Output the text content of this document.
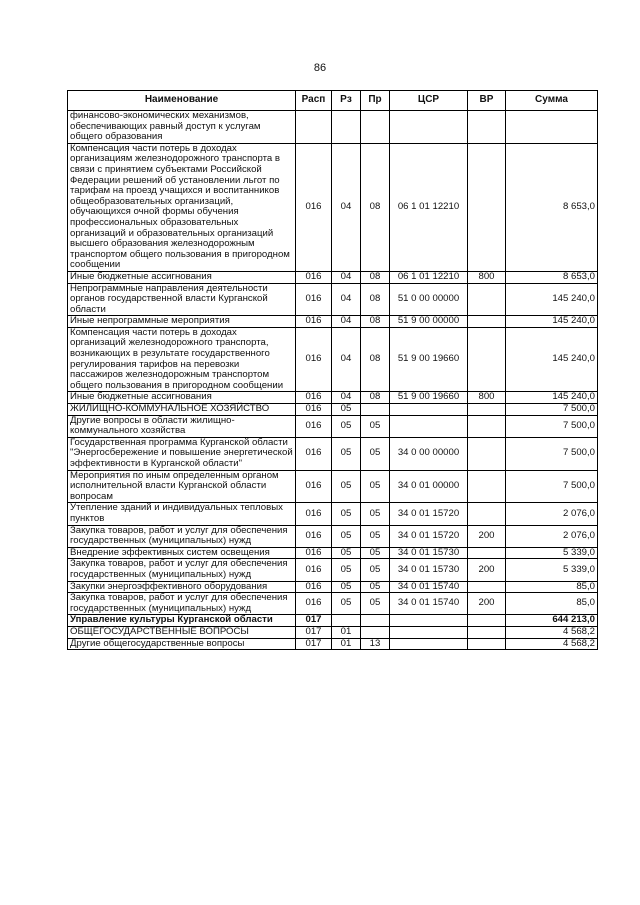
86
Наименование	Расп	Рз	Пр	ЦСР	ВР	Сумма
финансово-экономических механизмов, обеспечивающих равный доступ к услугам общего образования						
Компенсация части потерь в доходах организациям железнодорожного транспорта в связи с принятием субъектами Российской Федерации решений об установлении льгот по тарифам на проезд учащихся и воспитанников общеобразовательных организаций, обучающихся очной формы обучения профессиональных образовательных организаций и образовательных организаций высшего образования железнодорожным транспортом общего пользования в пригородном сообщении	016	04	08	06 1 01 12210		8 653,0
Иные бюджетные ассигнования	016	04	08	06 1 01 12210	800	8 653,0
Непрограммные направления деятельности органов государственной власти Курганской области	016	04	08	51 0 00 00000		145 240,0
Иные непрограммные мероприятия	016	04	08	51 9 00 00000		145 240,0
Компенсация части потерь в доходах организаций железнодорожного транспорта, возникающих в результате государственного регулирования тарифов на перевозки пассажиров железнодорожным транспортом общего пользования в пригородном сообщении	016	04	08	51 9 00 19660		145 240,0
Иные бюджетные ассигнования	016	04	08	51 9 00 19660	800	145 240,0
ЖИЛИЩНО-КОММУНАЛЬНОЕ ХОЗЯЙСТВО	016	05				7 500,0
Другие вопросы в области жилищно-коммунального хозяйства	016	05	05			7 500,0
Государственная программа Курганской области "Энергосбережение и повышение энергетической эффективности в Курганской области"	016	05	05	34 0 00 00000		7 500,0
Мероприятия по иным определенным органом исполнительной власти Курганской области вопросам	016	05	05	34 0 01 00000		7 500,0
Утепление зданий и индивидуальных тепловых пунктов	016	05	05	34 0 01 15720		2 076,0
Закупка товаров, работ и услуг для обеспечения государственных (муниципальных) нужд	016	05	05	34 0 01 15720	200	2 076,0
Внедрение эффективных систем освещения	016	05	05	34 0 01 15730		5 339,0
Закупка товаров, работ и услуг для обеспечения государственных (муниципальных) нужд	016	05	05	34 0 01 15730	200	5 339,0
Закупки энергоэффективного оборудования	016	05	05	34 0 01 15740		85,0
Закупка товаров, работ и услуг для обеспечения государственных (муниципальных) нужд	016	05	05	34 0 01 15740	200	85,0
Управление культуры Курганской области	017					644 213,0
ОБЩЕГОСУДАРСТВЕННЫЕ ВОПРОСЫ	017	01				4 568,2
Другие общегосударственные вопросы	017	01	13			4 568,2
